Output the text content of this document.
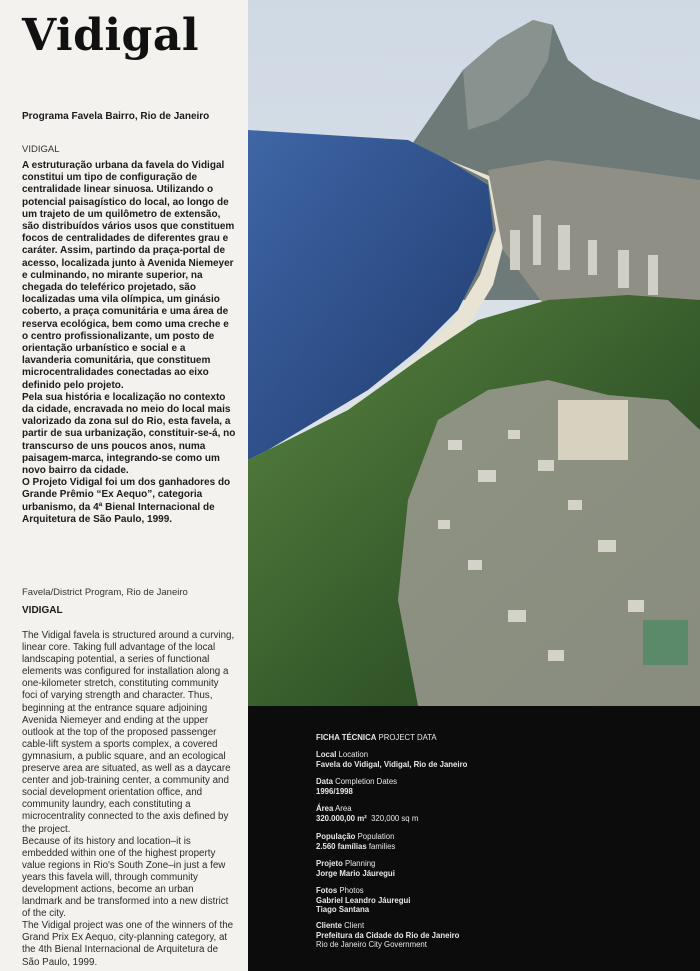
Vidigal

Programa Favela Bairro, Rio de Janeiro

VIDIGAL

A estruturação urbana da favela do Vidigal constitui um tipo de configuração de centralidade linear sinuosa. Utilizando o potencial paisagístico do local, ao longo de um trajeto de um quilômetro de extensão, são distribuídos vários usos que constituem focos de centralidades de diferentes grau e caráter. Assim, partindo da praça-portal de acesso, localizada junto à Avenida Niemeyer e culminando, no mirante superior, na chegada do teleférico projetado, são localizadas uma vila olímpica, um ginásio coberto, a praça comunitária e uma área de reserva ecológica, bem como uma creche e o centro profissionalizante, um posto de orientação urbanístico e social e a lavanderia comunitária, que constituem microcentralidades conectadas ao eixo definido pelo projeto.

Pela sua história e localização no contexto da cidade, encravada no meio do local mais valorizado da zona sul do Rio, esta favela, a partir de sua urbanização, constituir-se-á, no transcurso de uns poucos anos, numa paisagem-marca, integrando-se como um novo bairro da cidade.

O Projeto Vidigal foi um dos ganhadores do Grande Prêmio “Ex Aequo”, categoria urbanismo, da 4ª Bienal Internacional de Arquitetura de São Paulo, 1999.

Favela/District Program, Rio de Janeiro

VIDIGAL

The Vidigal favela is structured around a curving, linear core. Taking full advantage of the local landscaping potential, a series of functional elements was configured for installation along a one-kilometer stretch, constituting community foci of varying strength and character. Thus, beginning at the entrance square adjoining Avenida Niemeyer and ending at the upper outlook at the top of the proposed passenger cable-lift system a sports complex, a covered gymnasium, a public square, and an ecological preserve area are situated, as well as a daycare center and job-training center, a community and social development orientation office, and community laundry, each constituting a microcentrality connected to the axis defined by the project.

Because of its history and location–it is embedded within one of the highest property value regions in Rio's South Zone–in just a few years this favela will, through community development actions, become an urban landmark and be transformed into a new district of the city.

The Vidigal project was one of the winners of the Grand Prix Ex Aequo, city-planning category, at the 4th Bienal Internacional de Arquitetura de São Paulo, 1999.

FICHA TÉCNICA PROJECT DATA

Local Location
Favela do Vidigal, Vidigal, Rio de Janeiro

Data Completion Dates
1996/1998

Área Area
320.000,00 m² 320,000 sq m

População Population
2.560 famílias families

Projeto Planning
Jorge Mario Jáuregui

Fotos Photos
Gabriel Leandro Jáuregui
Tiago Santana

Cliente Client
Prefeitura da Cidade do Rio de Janeiro
Rio de Janeiro City Government
